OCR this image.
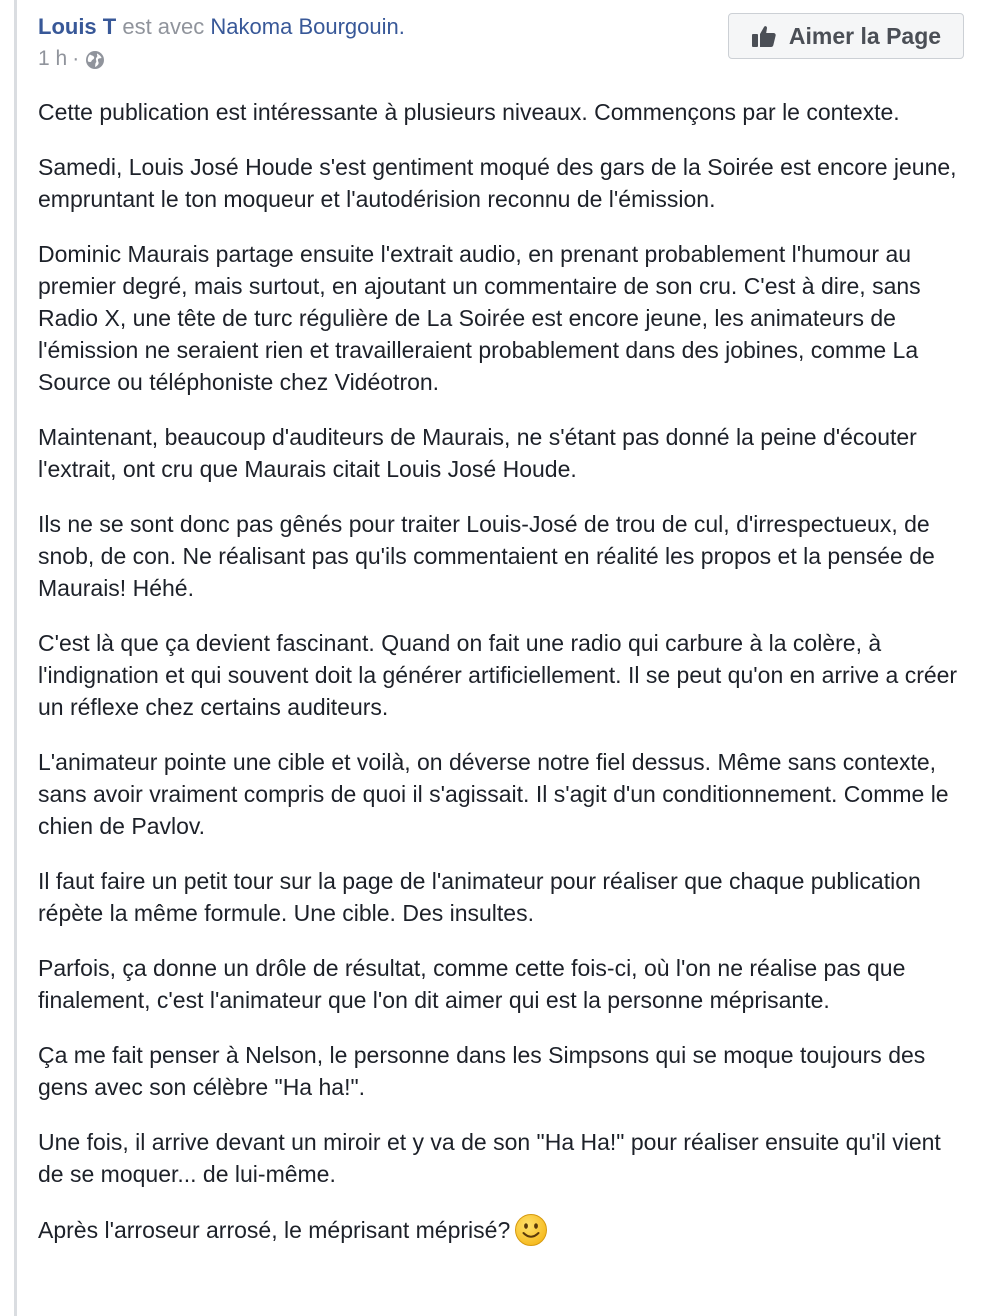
Louis T est avec Nakoma Bourgouin.
1 h ·
Aimer la Page

Cette publication est intéressante à plusieurs niveaux. Commençons par le contexte.

Samedi, Louis José Houde s'est gentiment moqué des gars de la Soirée est encore jeune, empruntant le ton moqueur et l'autodérision reconnu de l'émission.

Dominic Maurais partage ensuite l'extrait audio, en prenant probablement l'humour au premier degré, mais surtout, en ajoutant un commentaire de son cru. C'est à dire, sans Radio X, une tête de turc régulière de La Soirée est encore jeune, les animateurs de l'émission ne seraient rien et travailleraient probablement dans des jobines, comme La Source ou téléphoniste chez Vidéotron.

Maintenant, beaucoup d'auditeurs de Maurais, ne s'étant pas donné la peine d'écouter l'extrait, ont cru que Maurais citait Louis José Houde.

Ils ne se sont donc pas gênés pour traiter Louis-José de trou de cul, d'irrespectueux, de snob, de con. Ne réalisant pas qu'ils commentaient en réalité les propos et la pensée de Maurais! Héhé.

C'est là que ça devient fascinant. Quand on fait une radio qui carbure à la colère, à l'indignation et qui souvent doit la générer artificiellement. Il se peut qu'on en arrive a créer un réflexe chez certains auditeurs.

L'animateur pointe une cible et voilà, on déverse notre fiel dessus. Même sans contexte, sans avoir vraiment compris de quoi il s'agissait. Il s'agit d'un conditionnement. Comme le chien de Pavlov.

Il faut faire un petit tour sur la page de l'animateur pour réaliser que chaque publication répète la même formule. Une cible. Des insultes.

Parfois, ça donne un drôle de résultat, comme cette fois-ci, où l'on ne réalise pas que finalement, c'est l'animateur que l'on dit aimer qui est la personne méprisante.

Ça me fait penser à Nelson, le personne dans les Simpsons qui se moque toujours des gens avec son célèbre "Ha ha!".

Une fois, il arrive devant un miroir et y va de son "Ha Ha!" pour réaliser ensuite qu'il vient de se moquer... de lui-même.

Après l'arroseur arrosé, le méprisant méprisé?
